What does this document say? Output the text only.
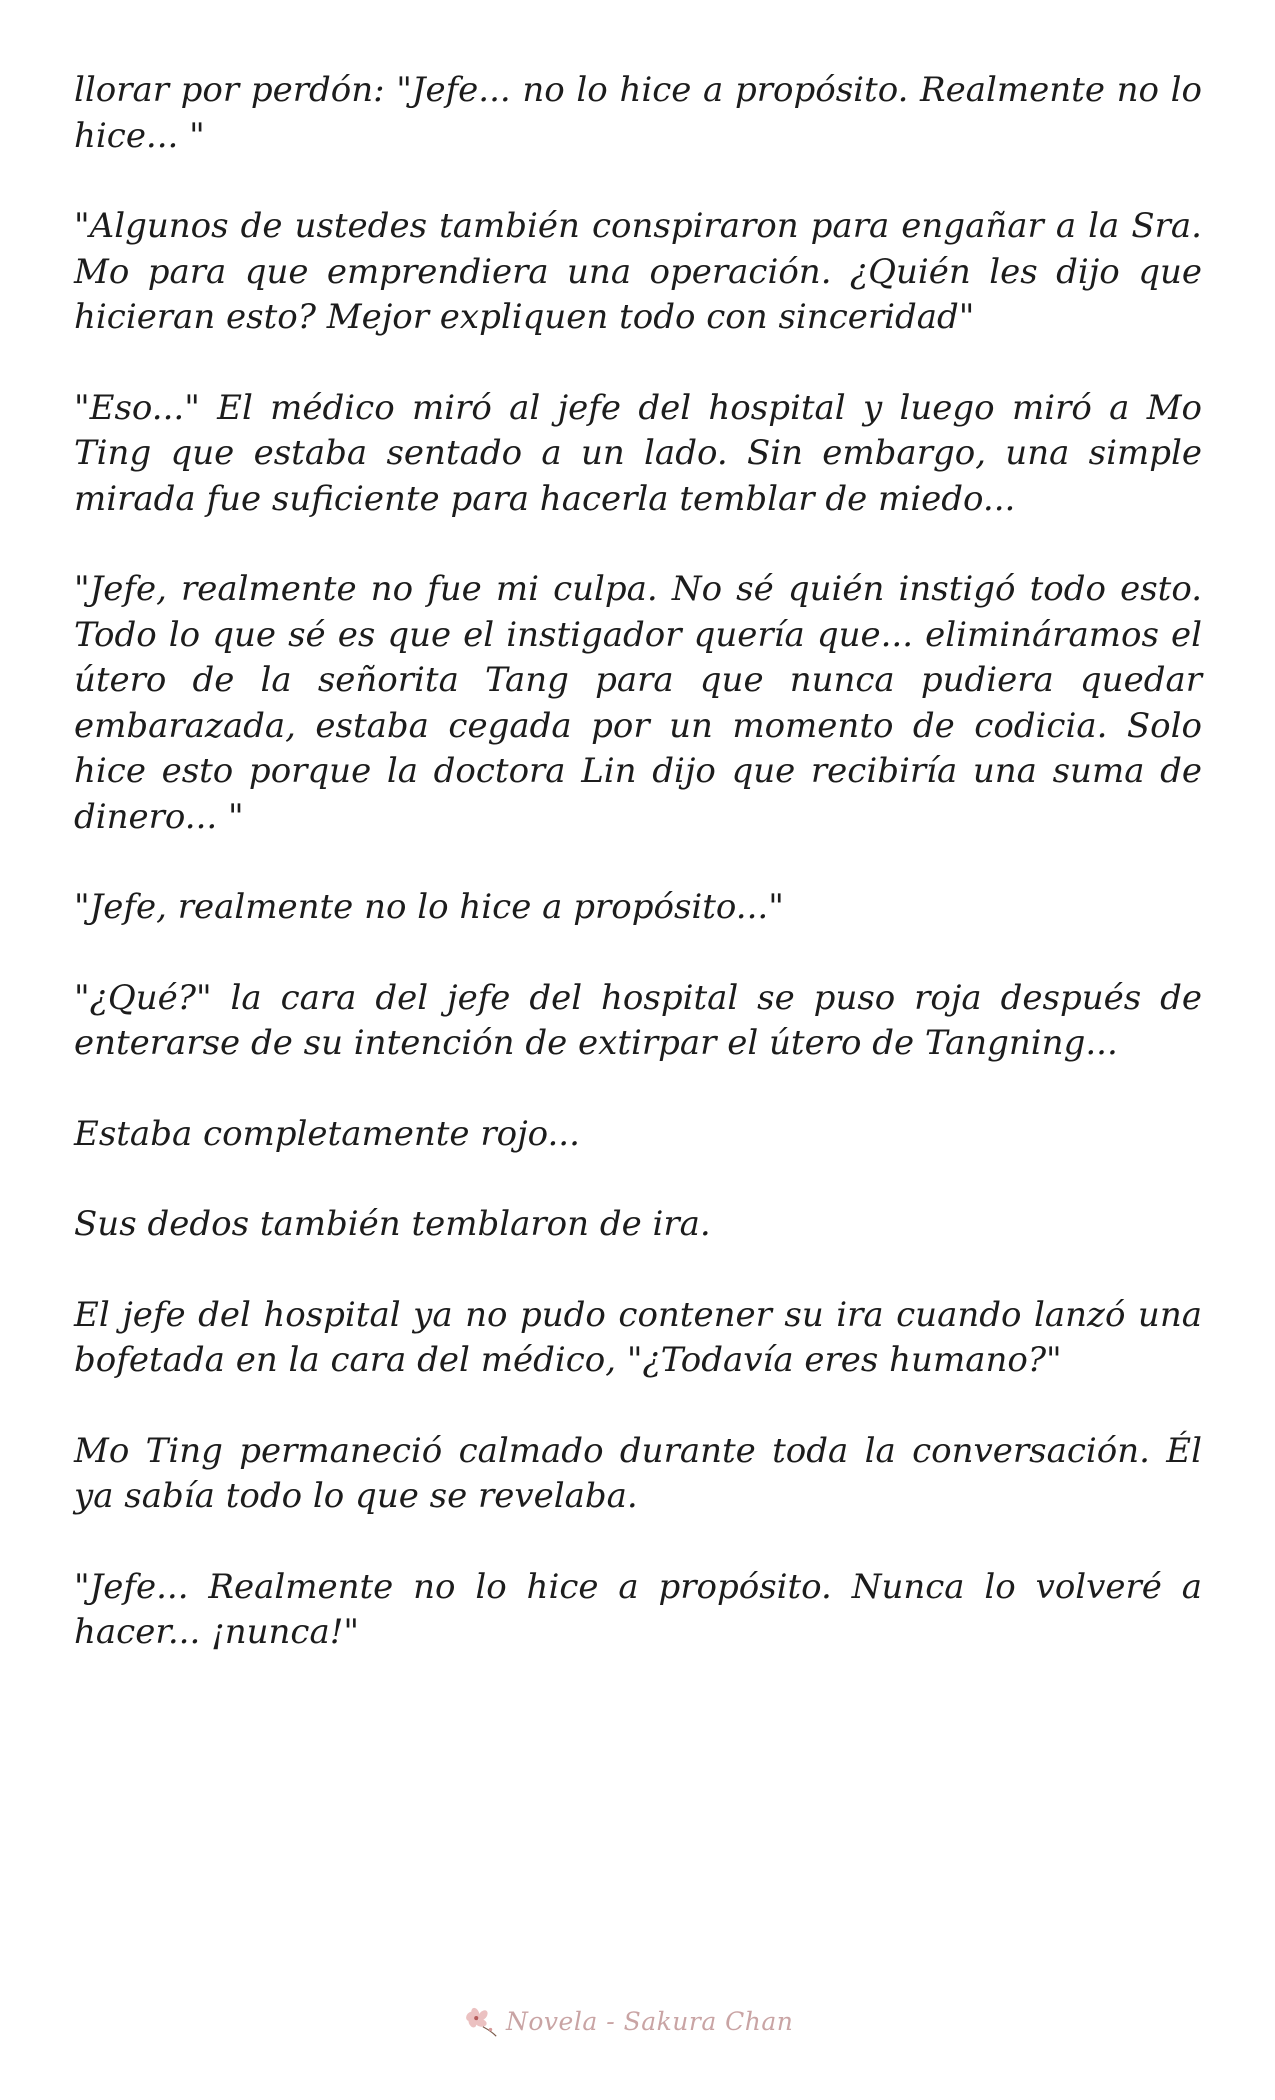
llorar por perdón: "Jefe... no lo hice a propósito. Realmente no lo hice... "

"Algunos de ustedes también conspiraron para engañar a la Sra. Mo para que emprendiera una operación. ¿Quién les dijo que hicieran esto? Mejor expliquen todo con sinceridad"

"Eso..." El médico miró al jefe del hospital y luego miró a Mo Ting que estaba sentado a un lado. Sin embargo, una simple mirada fue suficiente para hacerla temblar de miedo...

"Jefe, realmente no fue mi culpa. No sé quién instigó todo esto. Todo lo que sé es que el instigador quería que... elimináramos el útero de la señorita Tang para que nunca pudiera quedar embarazada, estaba cegada por un momento de codicia. Solo hice esto porque la doctora Lin dijo que recibiría una suma de dinero... "

"Jefe, realmente no lo hice a propósito..."

"¿Qué?" la cara del jefe del hospital se puso roja después de enterarse de su intención de extirpar el útero de Tangning...

Estaba completamente rojo...

Sus dedos también temblaron de ira.

El jefe del hospital ya no pudo contener su ira cuando lanzó una bofetada en la cara del médico, "¿Todavía eres humano?"

Mo Ting permaneció calmado durante toda la conversación. Él ya sabía todo lo que se revelaba.

"Jefe... Realmente no lo hice a propósito. Nunca lo volveré a hacer... ¡nunca!"

Novela - Sakura Chan
